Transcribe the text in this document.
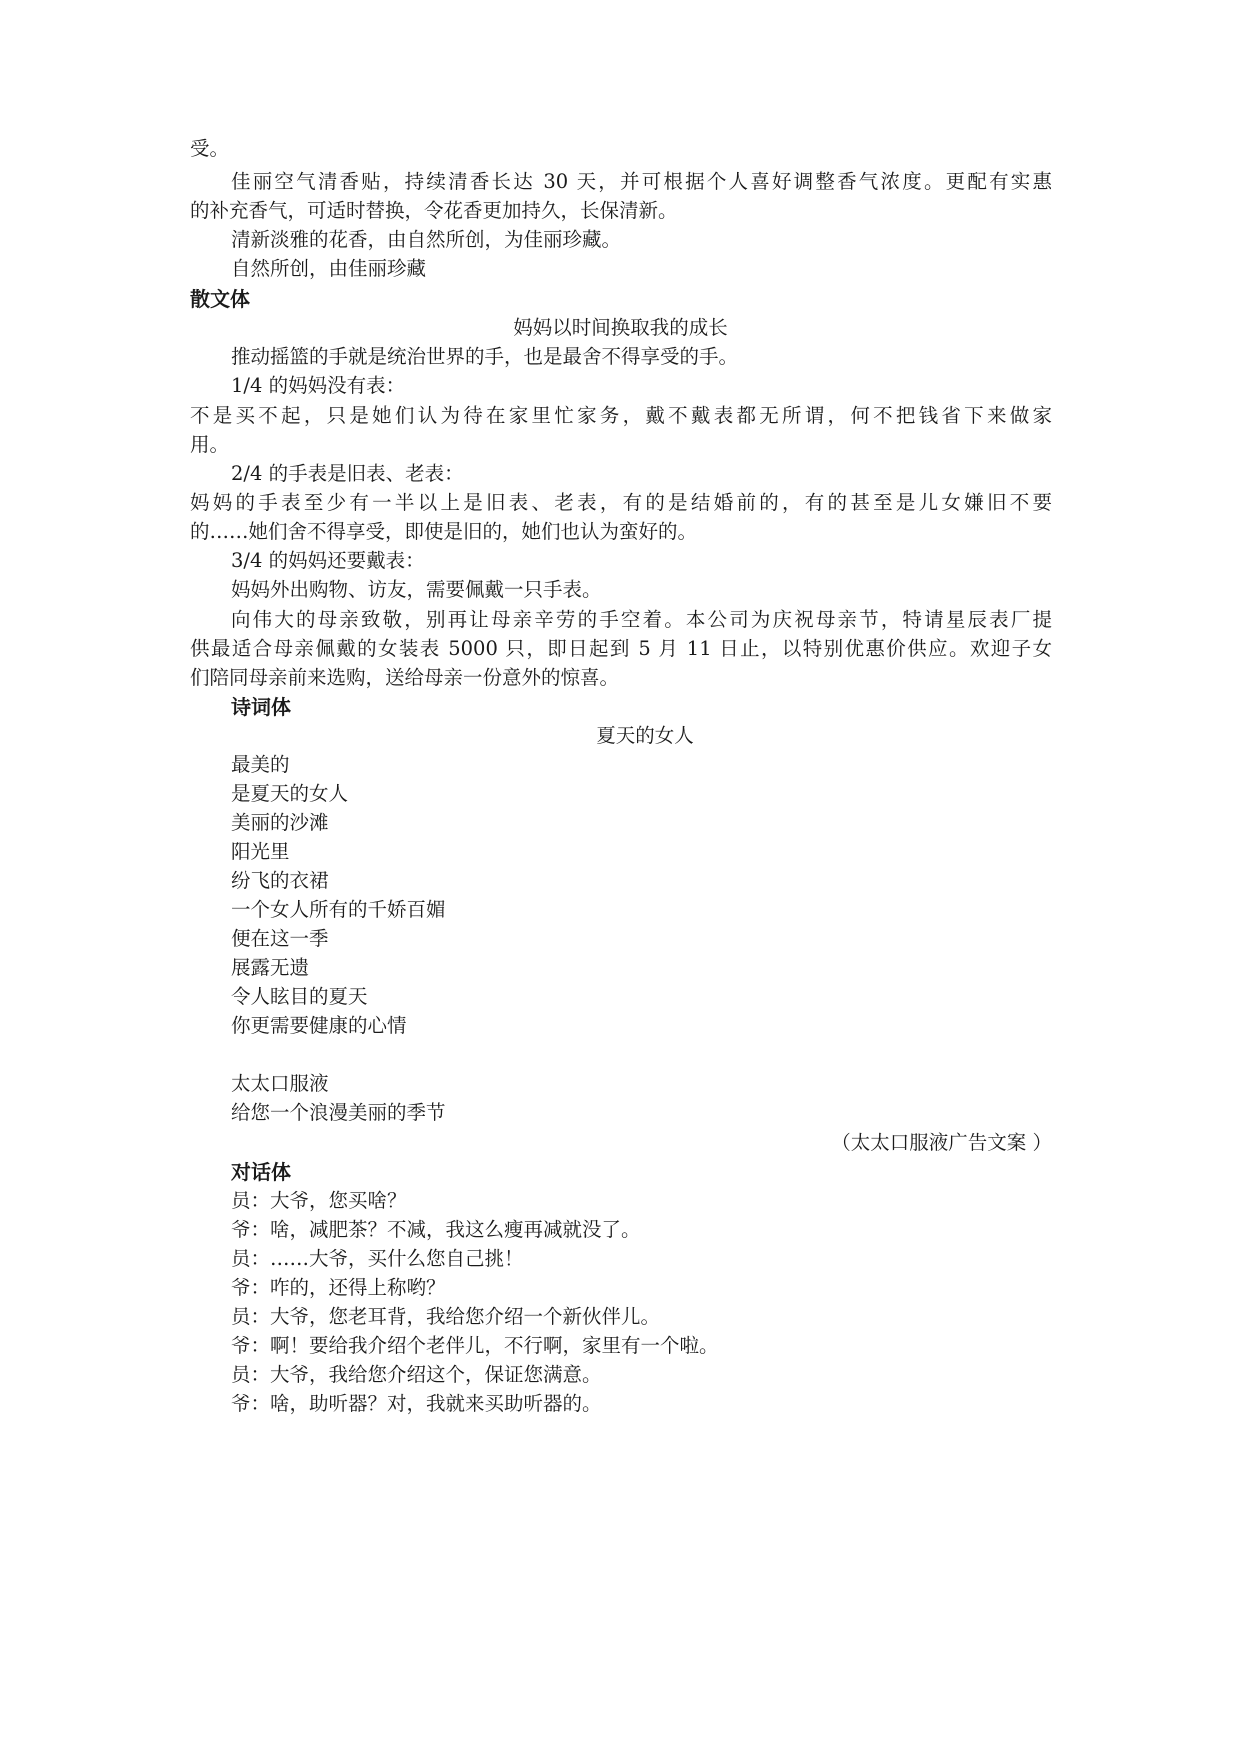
受。
佳丽空气清香贴，持续清香长达 30 天，并可根据个人喜好调整香气浓度。更配有实惠
的补充香气，可适时替换，令花香更加持久，长保清新。
清新淡雅的花香，由自然所创，为佳丽珍藏。
自然所创，由佳丽珍藏
散文体
妈妈以时间换取我的成长
推动摇篮的手就是统治世界的手，也是最舍不得享受的手。
1/4 的妈妈没有表：
不是买不起，只是她们认为待在家里忙家务，戴不戴表都无所谓，何不把钱省下来做家
用。
2/4 的手表是旧表、老表：
妈妈的手表至少有一半以上是旧表、老表，有的是结婚前的，有的甚至是儿女嫌旧不要
的……她们舍不得享受，即使是旧的，她们也认为蛮好的。
3/4 的妈妈还要戴表：
妈妈外出购物、访友，需要佩戴一只手表。
向伟大的母亲致敬，别再让母亲辛劳的手空着。本公司为庆祝母亲节，特请星辰表厂提
供最适合母亲佩戴的女装表 5000 只，即日起到 5 月 11 日止，以特别优惠价供应。欢迎子女
们陪同母亲前来选购，送给母亲一份意外的惊喜。
诗词体
夏天的女人
最美的
是夏天的女人
美丽的沙滩
阳光里
纷飞的衣裙
一个女人所有的千娇百媚
便在这一季
展露无遗
令人眩目的夏天
你更需要健康的心情
太太口服液
给您一个浪漫美丽的季节
（太太口服液广告文案 ）
对话体
员：大爷，您买啥？
爷：啥，减肥茶？不减，我这么瘦再减就没了。
员：……大爷，买什么您自己挑！
爷：咋的，还得上称哟？
员：大爷，您老耳背，我给您介绍一个新伙伴儿。
爷：啊！要给我介绍个老伴儿，不行啊，家里有一个啦。
员：大爷，我给您介绍这个，保证您满意。
爷：啥，助听器？对，我就来买助听器的。
